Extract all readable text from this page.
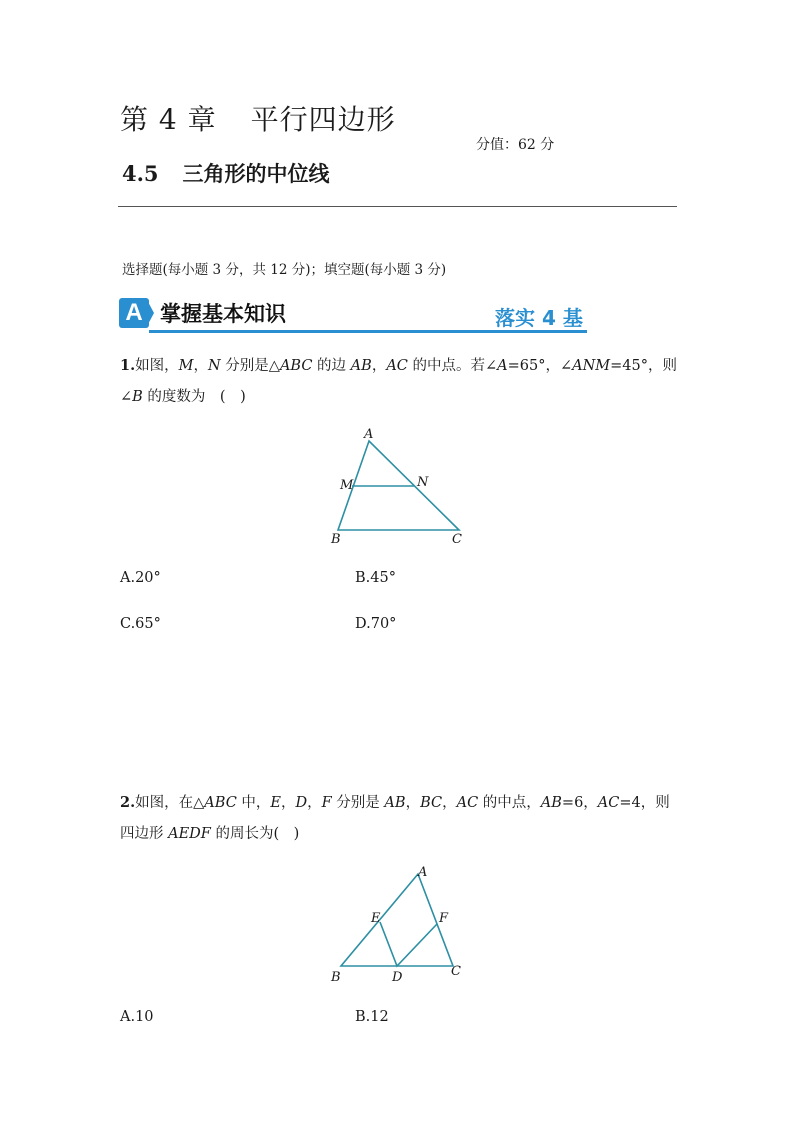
第 4 章 平行四边形
分值：62 分
4.5 三角形的中位线
选择题(每小题 3 分，共 12 分)；填空题(每小题 3 分)
A 掌握基本知识	落实 4 基
1.如图，M，N 分别是△ABC 的边 AB，AC 的中点。若∠A=65°，∠ANM=45°，则∠B 的度数为　(　)
A
M	N
B	C
A.20°	B.45°
C.65°	D.70°
2.如图，在△ABC 中，E，D，F 分别是 AB，BC，AC 的中点，AB=6，AC=4，则四边形 AEDF 的周长为(　)
A
E	F
B	D	C
A.10	B.12
